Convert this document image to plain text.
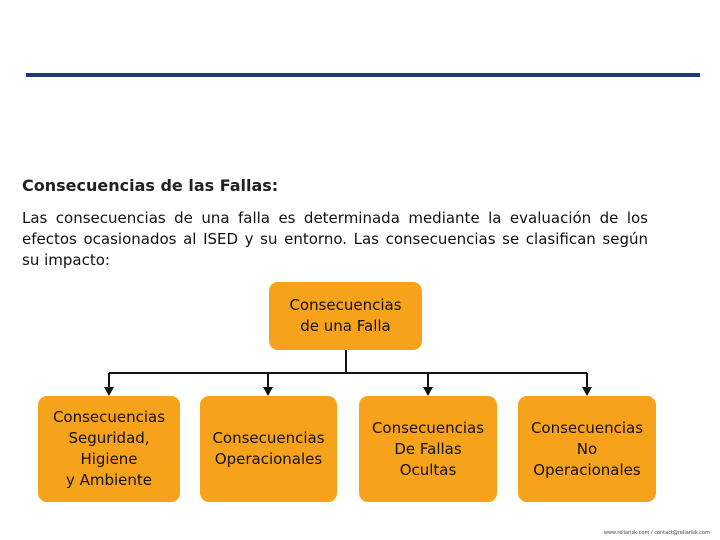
Consecuencias de las Fallas:
Las consecuencias de una falla es determinada mediante la evaluación de los efectos ocasionados al ISED y su entorno. Las consecuencias se clasifican según su impacto:
Consecuencias
de una Falla
Consecuencias
Seguridad,
Higiene
y Ambiente
Consecuencias
Operacionales
Consecuencias
De Fallas
Ocultas
Consecuencias
No
Operacionales
www.reliarisk.com / contact@reliarisk.com
